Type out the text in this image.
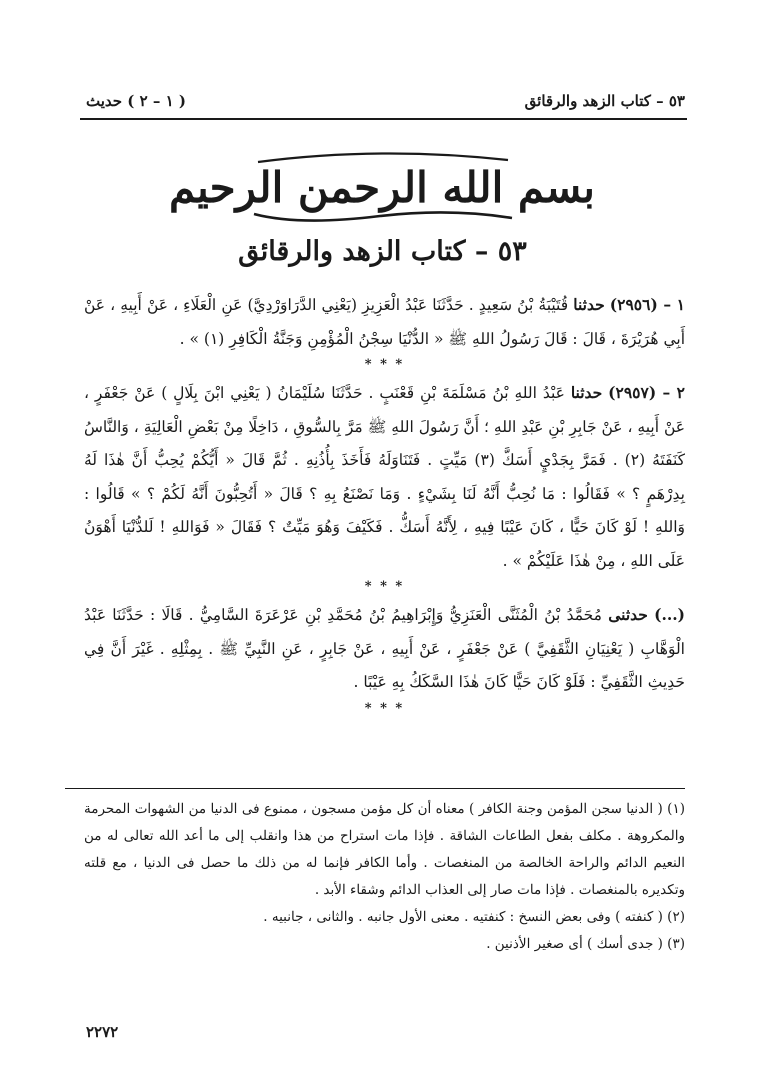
٥٣ – كتاب الزهد والرقائق
( ١ – ٢ ) حديث
بسم الله الرحمن الرحيم
٥٣ – كتاب الزهد والرقائق

١ – (٢٩٥٦) حدثنا قُتَيْبَةُ بْنُ سَعِيدٍ . حَدَّثَنَا عَبْدُ الْعَزِيزِ (يَعْنِي الدَّرَاوَرْدِيَّ) عَنِ الْعَلَاءِ ، عَنْ أَبِيهِ ، عَنْ أَبِي هُرَيْرَةَ ، قَالَ : قَالَ رَسُولُ اللهِ ﷺ « الدُّنْيَا سِجْنُ الْمُؤْمِنِ وَجَنَّةُ الْكَافِرِ (١) » .

* * *

٢ – (٢٩٥٧) حدثنا عَبْدُ اللهِ بْنُ مَسْلَمَةَ بْنِ قَعْنَبٍ . حَدَّثَنَا سُلَيْمَانُ ( يَعْنِي ابْنَ بِلَالٍ ) عَنْ جَعْفَرٍ ، عَنْ أَبِيهِ ، عَنْ جَابِرِ بْنِ عَبْدِ اللهِ ؛ أَنَّ رَسُولَ اللهِ ﷺ مَرَّ بِالسُّوقِ ، دَاخِلًا مِنْ بَعْضِ الْعَالِيَةِ ، وَالنَّاسُ كَنَفَتَهُ (٢) . فَمَرَّ بِجَدْيٍ أَسَكَّ (٣) مَيِّتٍ . فَتَنَاوَلَهُ فَأَخَذَ بِأُذُنِهِ . ثُمَّ قَالَ « أَيُّكُمْ يُحِبُّ أَنَّ هٰذَا لَهُ بِدِرْهَمٍ ؟ » فَقَالُوا : مَا نُحِبُّ أَنَّهُ لَنَا بِشَيْءٍ . وَمَا نَصْنَعُ بِهِ ؟ قَالَ « أَتُحِبُّونَ أَنَّهُ لَكُمْ ؟ » قَالُوا : وَاللهِ ! لَوْ كَانَ حَيًّا ، كَانَ عَيْبًا فِيهِ ، لِأَنَّهُ أَسَكُّ . فَكَيْفَ وَهُوَ مَيِّتٌ ؟ فَقَالَ « فَوَاللهِ ! لَلدُّنْيَا أَهْوَنُ عَلَى اللهِ ، مِنْ هٰذَا عَلَيْكُمْ » .

* * *

(...) حدثنى مُحَمَّدُ بْنُ الْمُثَنَّى الْعَنَزِيُّ وَإِبْرَاهِيمُ بْنُ مُحَمَّدِ بْنِ عَرْعَرَةَ السَّامِيُّ . قَالَا : حَدَّثَنَا عَبْدُ الْوَهَّابِ ( يَعْنِيَانِ الثَّقَفِيَّ ) عَنْ جَعْفَرٍ ، عَنْ أَبِيهِ ، عَنْ جَابِرٍ ، عَنِ النَّبِيِّ ﷺ . بِمِثْلِهِ . غَيْرَ أَنَّ فِي حَدِيثِ الثَّقَفِيِّ : فَلَوْ كَانَ حَيًّا كَانَ هٰذَا السَّكَكُ بِهِ عَيْبًا .

* * *

(١) ( الدنيا سجن المؤمن وجنة الكافر ) معناه أن كل مؤمن مسجون ، ممنوع فى الدنيا من الشهوات المحرمة والمكروهة . مكلف بفعل الطاعات الشاقة . فإذا مات استراح من هذا وانقلب إلى ما أعد الله تعالى له من النعيم الدائم والراحة الخالصة من المنغصات . وأما الكافر فإنما له من ذلك ما حصل فى الدنيا ، مع قلته وتكديره بالمنغصات . فإذا مات صار إلى العذاب الدائم وشقاء الأبد .

(٢) ( كنفته ) وفى بعض النسخ : كنفتيه . معنى الأول جانبه . والثانى ، جانبيه .

(٣) ( جدى أسك ) أى صغير الأذنين .

٢٢٧٢
